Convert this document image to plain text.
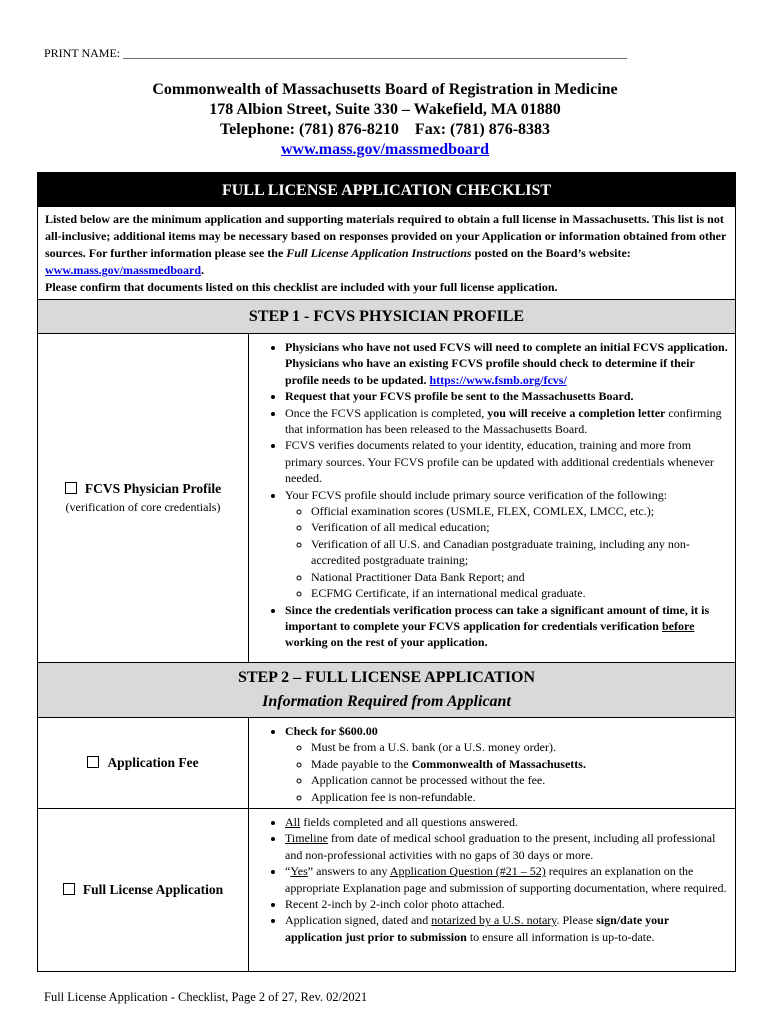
PRINT NAME: ____________________________________________________________________________________
Commonwealth of Massachusetts Board of Registration in Medicine
178 Albion Street, Suite 330 – Wakefield, MA 01880
Telephone: (781) 876-8210    Fax: (781) 876-8383
www.mass.gov/massmedboard
FULL LICENSE APPLICATION CHECKLIST
Listed below are the minimum application and supporting materials required to obtain a full license in Massachusetts. This list is not all-inclusive; additional items may be necessary based on responses provided on your Application or information obtained from other sources. For further information please see the Full License Application Instructions posted on the Board’s website: www.mass.gov/massmedboard.
Please confirm that documents listed on this checklist are included with your full license application.
STEP 1 - FCVS PHYSICIAN PROFILE
FCVS Physician Profile
(verification of core credentials)
• Physicians who have not used FCVS will need to complete an initial FCVS application. Physicians who have an existing FCVS profile should check to determine if their profile needs to be updated. https://www.fsmb.org/fcvs/
• Request that your FCVS profile be sent to the Massachusetts Board.
• Once the FCVS application is completed, you will receive a completion letter confirming that information has been released to the Massachusetts Board.
• FCVS verifies documents related to your identity, education, training and more from primary sources. Your FCVS profile can be updated with additional credentials whenever needed.
• Your FCVS profile should include primary source verification of the following:
◦ Official examination scores (USMLE, FLEX, COMLEX, LMCC, etc.);
◦ Verification of all medical education;
◦ Verification of all U.S. and Canadian postgraduate training, including any non-accredited postgraduate training;
◦ National Practitioner Data Bank Report; and
◦ ECFMG Certificate, if an international medical graduate.
• Since the credentials verification process can take a significant amount of time, it is important to complete your FCVS application for credentials verification before working on the rest of your application.
STEP 2 – FULL LICENSE APPLICATION
Information Required from Applicant
Application Fee
• Check for $600.00
◦ Must be from a U.S. bank (or a U.S. money order).
◦ Made payable to the Commonwealth of Massachusetts.
◦ Application cannot be processed without the fee.
◦ Application fee is non-refundable.
Full License Application
• All fields completed and all questions answered.
• Timeline from date of medical school graduation to the present, including all professional and non-professional activities with no gaps of 30 days or more.
• “Yes” answers to any Application Question (#21 – 52) requires an explanation on the appropriate Explanation page and submission of supporting documentation, where required.
• Recent 2-inch by 2-inch color photo attached.
• Application signed, dated and notarized by a U.S. notary. Please sign/date your application just prior to submission to ensure all information is up-to-date.
Full License Application - Checklist, Page 2 of 27, Rev. 02/2021
